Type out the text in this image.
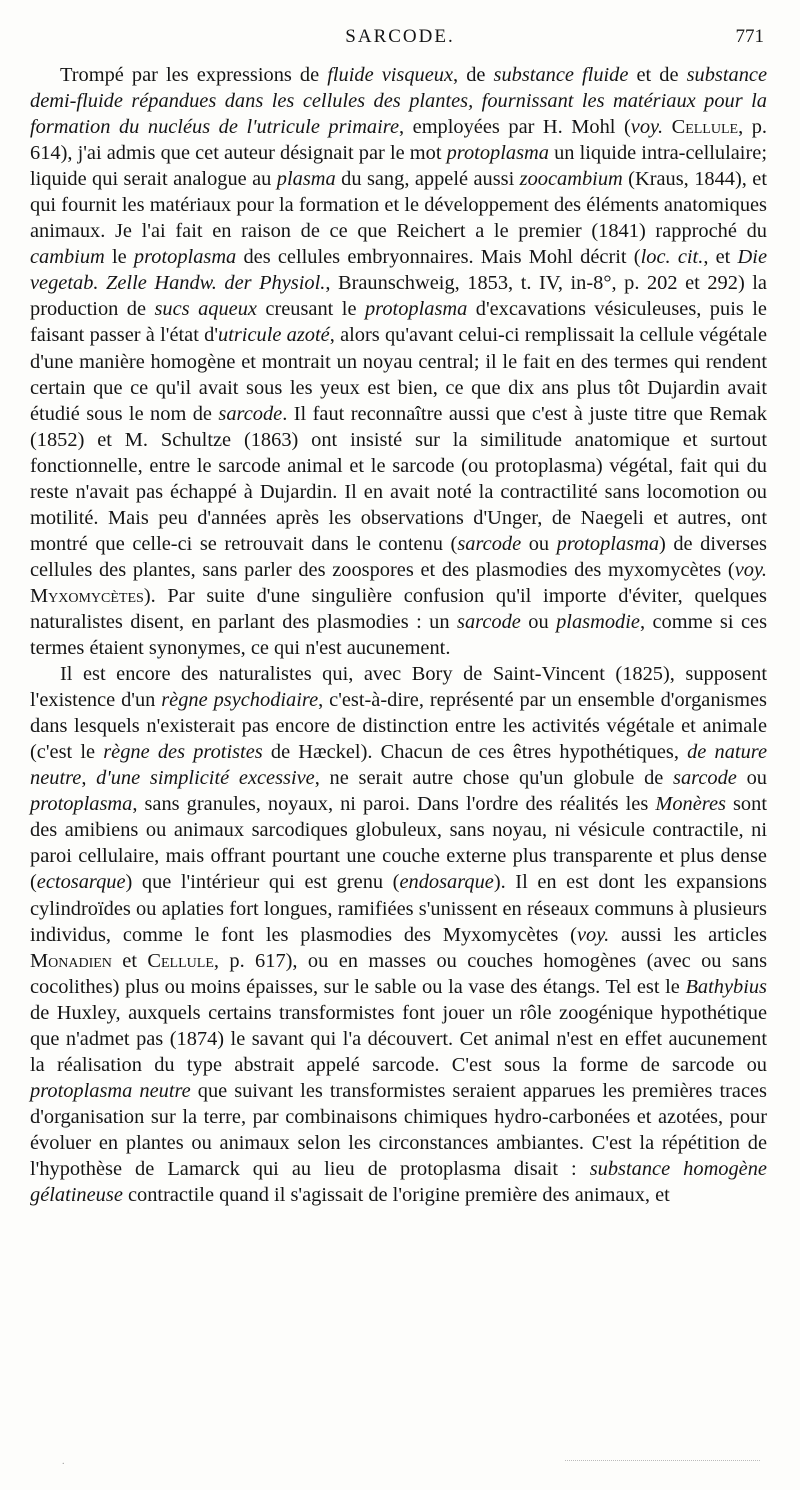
SARCODE.	771

Trompé par les expressions de fluide visqueux, de substance fluide et de substance demi-fluide répandues dans les cellules des plantes, fournissant les matériaux pour la formation du nucléus de l'utricule primaire, employées par H. Mohl (voy. Cellule, p. 614), j'ai admis que cet auteur désignait par le mot protoplasma un liquide intra-cellulaire; liquide qui serait analogue au plasma du sang, appelé aussi zoocambium (Kraus, 1844), et qui fournit les matériaux pour la formation et le développement des éléments anatomiques animaux. Je l'ai fait en raison de ce que Reichert a le premier (1841) rapproché du cambium le protoplasma des cellules embryonnaires. Mais Mohl décrit (loc. cit., et Die vegetab. Zelle Handw. der Physiol., Braunschweig, 1853, t. IV, in-8°, p. 202 et 292) la production de sucs aqueux creusant le protoplasma d'excavations vésiculeuses, puis le faisant passer à l'état d'utricule azoté, alors qu'avant celui-ci remplissait la cellule végétale d'une manière homogène et montrait un noyau central; il le fait en des termes qui rendent certain que ce qu'il avait sous les yeux est bien, ce que dix ans plus tôt Dujardin avait étudié sous le nom de sarcode. Il faut reconnaître aussi que c'est à juste titre que Remak (1852) et M. Schultze (1863) ont insisté sur la similitude anatomique et surtout fonctionnelle, entre le sarcode animal et le sarcode (ou protoplasma) végétal, fait qui du reste n'avait pas échappé à Dujardin. Il en avait noté la contractilité sans locomotion ou motilité. Mais peu d'années après les observations d'Unger, de Naegeli et autres, ont montré que celle-ci se retrouvait dans le contenu (sarcode ou protoplasma) de diverses cellules des plantes, sans parler des zoospores et des plasmodies des myxomycètes (voy. Myxomycètes). Par suite d'une singulière confusion qu'il importe d'éviter, quelques naturalistes disent, en parlant des plasmodies : un sarcode ou plasmodie, comme si ces termes étaient synonymes, ce qui n'est aucunement.

Il est encore des naturalistes qui, avec Bory de Saint-Vincent (1825), supposent l'existence d'un règne psychodiaire, c'est-à-dire, représenté par un ensemble d'organismes dans lesquels n'existerait pas encore de distinction entre les activités végétale et animale (c'est le règne des protistes de Hæckel). Chacun de ces êtres hypothétiques, de nature neutre, d'une simplicité excessive, ne serait autre chose qu'un globule de sarcode ou protoplasma, sans granules, noyaux, ni paroi. Dans l'ordre des réalités les Monères sont des amibiens ou animaux sarcodiques globuleux, sans noyau, ni vésicule contractile, ni paroi cellulaire, mais offrant pourtant une couche externe plus transparente et plus dense (ectosarque) que l'intérieur qui est grenu (endosarque). Il en est dont les expansions cylindroïdes ou aplaties fort longues, ramifiées s'unissent en réseaux communs à plusieurs individus, comme le font les plasmodies des Myxomycètes (voy. aussi les articles Monadien et Cellule, p. 617), ou en masses ou couches homogènes (avec ou sans cocolithes) plus ou moins épaisses, sur le sable ou la vase des étangs. Tel est le Bathybius de Huxley, auxquels certains transformistes font jouer un rôle zoogénique hypothétique que n'admet pas (1874) le savant qui l'a découvert. Cet animal n'est en effet aucunement la réalisation du type abstrait appelé sarcode. C'est sous la forme de sarcode ou protoplasma neutre que suivant les transformistes seraient apparues les premières traces d'organisation sur la terre, par combinaisons chimiques hydro-carbonées et azotées, pour évoluer en plantes ou animaux selon les circonstances ambiantes. C'est la répétition de l'hypothèse de Lamarck qui au lieu de protoplasma disait : substance homogène gélatineuse contractile quand il s'agissait de l'origine première des animaux, et

.
